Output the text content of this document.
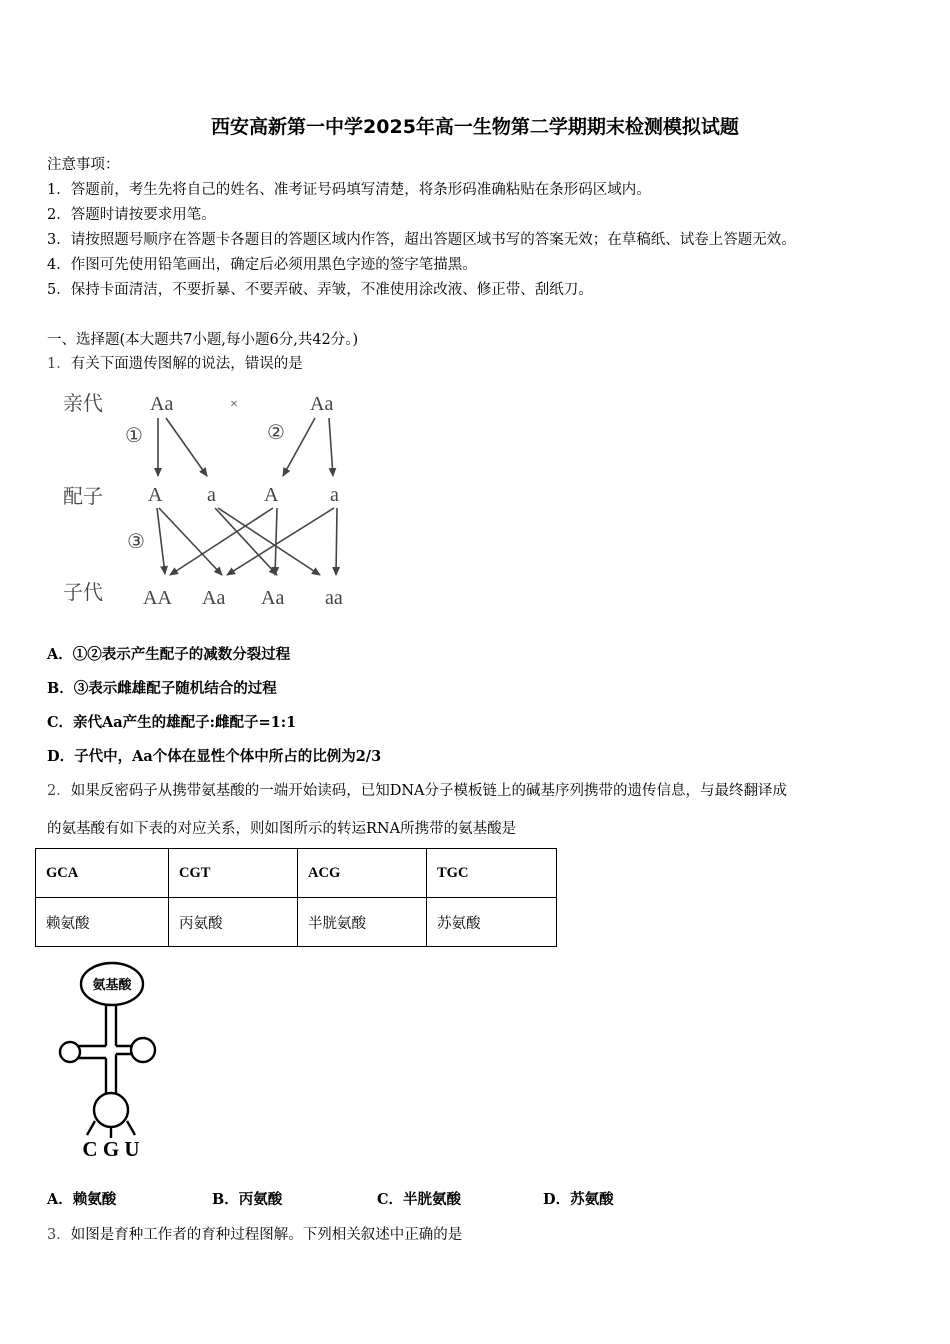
西安高新第一中学2025年高一生物第二学期期末检测模拟试题
注意事项：
1．答题前，考生先将自己的姓名、准考证号码填写清楚，将条形码准确粘贴在条形码区域内。
2．答题时请按要求用笔。
3．请按照题号顺序在答题卡各题目的答题区域内作答，超出答题区域书写的答案无效；在草稿纸、试卷上答题无效。
4．作图可先使用铅笔画出，确定后必须用黑色字迹的签字笔描黑。
5．保持卡面清洁，不要折暴、不要弄破、弄皱，不准使用涂改液、修正带、刮纸刀。
一、选择题(本大题共7小题,每小题6分,共42分。)
1．有关下面遗传图解的说法，错误的是
亲代
配子
子代
Aa	×	Aa
①	②
③
A a A	a
AA Aa Aa aa
A．①②表示产生配子的减数分裂过程
B．③表示雌雄配子随机结合的过程
C．亲代Aa产生的雄配子:雌配子=1:1
D．子代中，Aa个体在显性个体中所占的比例为2/3
2．如果反密码子从携带氨基酸的一端开始读码，已知DNA分子模板链上的碱基序列携带的遗传信息，与最终翻译成
的氨基酸有如下表的对应关系，则如图所示的转运RNA所携带的氨基酸是
GCA	CGT	ACG	TGC
赖氨酸	丙氨酸	半胱氨酸	苏氨酸
氨基酸
C G U
A．赖氨酸	B．丙氨酸	C．半胱氨酸	D．苏氨酸
3．如图是育种工作者的育种过程图解。下列相关叙述中正确的是
